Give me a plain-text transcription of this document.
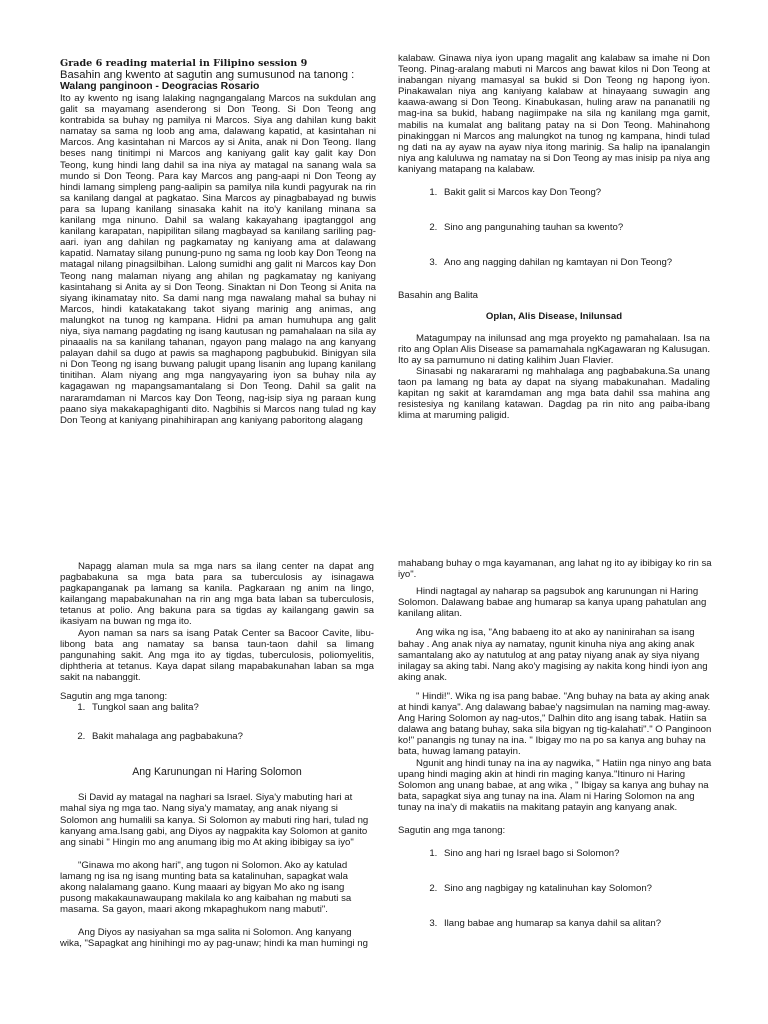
Grade 6 reading material in Filipino session 9

Basahin ang kwento at sagutin ang sumusunod na tanong :

Walang panginoon - Deogracias Rosario

Ito ay kwento ng isang lalaking nagngangalang Marcos na sukdulan ang galit sa mayamang asenderong si Don Teong. Si Don Teong ang kontrabida sa buhay ng pamilya ni Marcos. Siya ang dahilan kung bakit namatay sa sama ng loob ang ama, dalawang kapatid, at kasintahan ni Marcos. Ang kasintahan ni Marcos ay si Anita, anak ni Don Teong. Ilang beses nang tinitimpi ni Marcos ang kaniyang galit kay galit kay Don Teong, kung hindi lang dahil sa ina niya ay matagal na sanang wala sa mundo si Don Teong. Para kay Marcos ang pang-aapi ni Don Teong ay hindi lamang simpleng pang-aalipin sa pamilya nila kundi pagyurak na rin sa kanilang dangal at pagkatao. Sina Marcos ay pinagbabayad ng buwis para sa lupang kanilang sinasaka kahit na ito'y kanilang minana sa kanilang mga ninuno. Dahil sa walang kakayahang ipagtanggol ang kanilang karapatan, napipilitan silang magbayad sa kanilang sariling pag-aari. iyan ang dahilan ng pagkamatay ng kaniyang ama at dalawang kapatid. Namatay silang punung-puno ng sama ng loob kay Don Teong na matagal nilang pinagsilbihan. Lalong sumidhi ang galit ni Marcos kay Don Teong nang malaman niyang ang ahilan ng pagkamatay ng kaniyang kasintahang si Anita ay si Don Teong. Sinaktan ni Don Teong si Anita na siyang ikinamatay nito. Sa dami nang mga nawalang mahal sa buhay ni Marcos, hindi katakatakang takot siyang marinig ang animas, ang malungkot na tunog ng kampana. Hidni pa aman humuhupa ang galit niya, siya namang pagdating ng isang kautusan ng pamahalaan na sila ay pinaaalis na sa kanilang tahanan, ngayon pang malago na ang kanyang palayan dahil sa dugo at pawis sa maghapong pagbubukid. Binigyan sila ni Don Teong ng isang buwang palugit upang lisanin ang lupang kanilang tinitihan. Alam niyang ang mga nangyayaring iyon sa buhay nila ay kagagawan ng mapangsamantalang si Don Teong. Dahil sa galit na nararamdaman ni Marcos kay Don Teong, nag-isip siya ng paraan kung paano siya makakapaghiganti dito. Nagbihis si Marcos nang tulad ng kay Don Teong at kaniyang pinahihirapan ang kaniyang paboritong alagang

kalabaw. Ginawa niya iyon upang magalit ang kalabaw sa imahe ni Don Teong. Pinag-aralang mabuti ni Marcos ang bawat kilos ni Don Teong at inabangan niyang mamasyal sa bukid si Don Teong ng hapong iyon. Pinakawalan niya ang kaniyang kalabaw at hinayaang suwagin ang kaawa-awang si Don Teong. Kinabukasan, huling araw na pananatili ng mag-ina sa bukid, habang nagiimpake na sila ng kanilang mga gamit, mabilis na kumalat ang balitang patay na si Don Teong. Mahinahong pinakinggan ni Marcos ang malungkot na tunog ng kampana, hindi tulad ng dati na ay ayaw na ayaw niya itong marinig. Sa halip na ipanalangin niya ang kaluluwa ng namatay na si Don Teong ay mas inisip pa niya ang kaniyang matapang na kalabaw.

1. Bakit galit si Marcos kay Don Teong?
2. Sino ang pangunahing tauhan sa kwento?
3. Ano ang nagging dahilan ng kamtayan ni Don Teong?

Basahin ang Balita

Oplan, Alis Disease, Inilunsad

Matagumpay na inilunsad ang mga proyekto ng pamahalaan. Isa na rito ang Oplan Alis Disease sa pamamahala ngKagawaran ng Kalusugan. Ito ay sa pamumuno ni dating kalihim Juan Flavier.

Sinasabi ng nakararami ng mahhalaga ang pagbabakuna.Sa unang taon pa lamang ng bata ay dapat na siyang mabakunahan. Madaling kapitan ng sakit at karamdaman ang mga bata dahil ssa mahina ang resistesiya ng kanilang katawan. Dagdag pa rin nito ang paiba-ibang klima at maruming paligid.

Napagg alaman mula sa mga nars sa ilang center na dapat ang pagbabakuna sa mga bata para sa tuberculosis ay isinagawa pagkapanganak pa lamang sa kanila. Pagkaraan ng anim na lingo, kailangang mapabakunahan na rin ang mga bata laban sa tuberculosis, tetanus at polio. Ang bakuna para sa tigdas ay kailangang gawin sa ikasiyam na buwan ng mga ito.

Ayon naman sa nars sa isang Patak Center sa Bacoor Cavite, libu-libong bata ang namatay sa bansa taun-taon dahil sa limang pangunahing sakit. Ang mga ito ay tigdas, tuberculosis, poliomyelitis, diphtheria at tetanus. Kaya dapat silang mapabakunahan laban sa mga sakit na nabanggit.

Sagutin ang mga tanong:

1. Tungkol saan ang balita?
2. Bakit mahalaga ang pagbabakuna?

Ang Karunungan ni Haring Solomon

Si David ay matagal na naghari sa Israel. Siya'y mabuting hari at mahal siya ng mga tao. Nang siya'y mamatay, ang anak niyang si Solomon ang humalili sa kanya. Si Solomon ay mabuti ring hari, tulad ng kanyang ama.Isang gabi, ang Diyos ay nagpakita kay Solomon at ganito ang sinabi " Hingin mo ang anumang ibig mo At aking ibibigay sa iyo"

"Ginawa mo akong hari", ang tugon ni Solomon. Ako ay katulad lamang ng isa ng isang munting bata sa katalinuhan, sapagkat wala akong nalalamang gaano. Kung maaari ay bigyan Mo ako ng isang pusong makakaunawaupang makilala ko ang kaibahan ng mabuti sa masama. Sa gayon, maari akong mkapaghukom nang mabuti".

Ang Diyos ay nasiyahan sa mga salita ni Solomon. Ang kanyang wika, "Sapagkat ang hinihingi mo ay pag-unaw; hindi ka man humingi ng

mahabang buhay o mga kayamanan, ang lahat ng ito ay ibibigay ko rin sa iyo".

Hindi nagtagal ay naharap sa pagsubok ang karunungan ni Haring Solomon. Dalawang babae ang humarap sa kanya upang pahatulan ang kanilang alitan.

Ang wika ng isa, "Ang babaeng ito at ako ay naninirahan sa isang bahay . Ang anak niya ay namatay, ngunit kinuha niya ang aking anak samantalang ako ay natutulog at ang patay niyang anak ay siya niyang inilagay sa aking tabi. Nang ako'y magising ay nakita kong hindi iyon ang aking anak.

" Hindi!". Wika ng isa pang babae. "Ang buhay na bata ay aking anak at hindi kanya". Ang dalawang babae'y nagsimulan na naming mag-away. Ang Haring Solomon ay nag-utos," Dalhin dito ang isang tabak. Hatiin sa dalawa ang batang buhay, saka sila bigyan ng tig-kalahati"." O Panginoon ko!" panangis ng tunay na ina. " Ibigay mo na po sa kanya ang buhay na bata, huwag lamang patayin.

Ngunit ang hindi tunay na ina ay nagwika, " Hatiin nga ninyo ang bata upang hindi maging akin at hindi rin maging kanya."Itinuro ni Haring Solomon ang unang babae, at ang wika , " Ibigay sa kanya ang buhay na bata, sapagkat siya ang tunay na ina. Alam ni Haring Solomon na ang tunay na ina'y di makatiis na makitang patayin ang kanyang anak.

Sagutin ang mga tanong:

1. Sino ang hari ng Israel bago si Solomon?
2. Sino ang nagbigay ng katalinuhan kay Solomon?
3. Ilang babae ang humarap sa kanya dahil sa alitan?
